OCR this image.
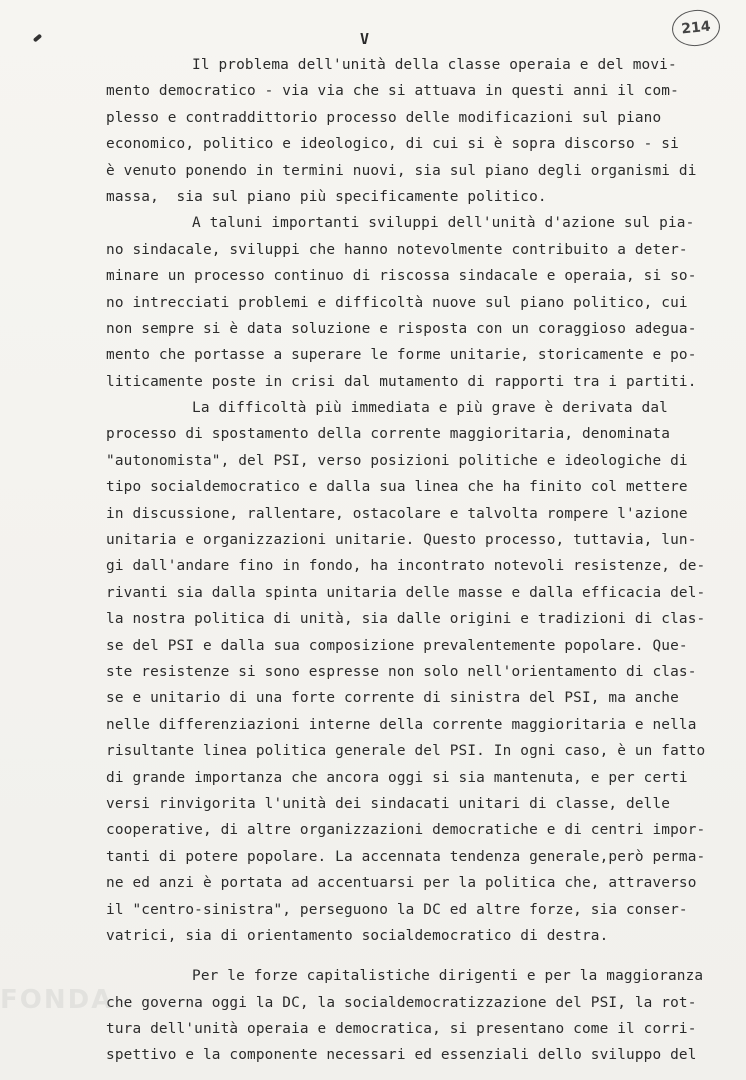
214
V
Il problema dell'unità della classe operaia e del movi-
mento democratico - via via che si attuava in questi anni il com-
plesso e contraddittorio processo delle modificazioni sul piano
economico, politico e ideologico, di cui si è sopra discorso - si
è venuto ponendo in termini nuovi, sia sul piano degli organismi di
massa,  sia sul piano più specificamente politico.
A taluni importanti sviluppi dell'unità d'azione sul pia-
no sindacale, sviluppi che hanno notevolmente contribuito a deter-
minare un processo continuo di riscossa sindacale e operaia, si so-
no intrecciati problemi e difficoltà nuove sul piano politico, cui
non sempre si è data soluzione e risposta con un coraggioso adegua-
mento che portasse a superare le forme unitarie, storicamente e po-
liticamente poste in crisi dal mutamento di rapporti tra i partiti.
La difficoltà più immediata e più grave è derivata dal
processo di spostamento della corrente maggioritaria, denominata
"autonomista", del PSI, verso posizioni politiche e ideologiche di
tipo socialdemocratico e dalla sua linea che ha finito col mettere
in discussione, rallentare, ostacolare e talvolta rompere l'azione
unitaria e organizzazioni unitarie. Questo processo, tuttavia, lun-
gi dall'andare fino in fondo, ha incontrato notevoli resistenze, de-
rivanti sia dalla spinta unitaria delle masse e dalla efficacia del-
la nostra politica di unità, sia dalle origini e tradizioni di clas-
se del PSI e dalla sua composizione prevalentemente popolare. Que-
ste resistenze si sono espresse non solo nell'orientamento di clas-
se e unitario di una forte corrente di sinistra del PSI, ma anche
nelle differenziazioni interne della corrente maggioritaria e nella
risultante linea politica generale del PSI. In ogni caso, è un fatto
di grande importanza che ancora oggi si sia mantenuta, e per certi
versi rinvigorita l'unità dei sindacati unitari di classe, delle
cooperative, di altre organizzazioni democratiche e di centri impor-
tanti di potere popolare. La accennata tendenza generale,però perma-
ne ed anzi è portata ad accentuarsi per la politica che, attraverso
il "centro-sinistra", perseguono la DC ed altre forze, sia conser-
vatrici, sia di orientamento socialdemocratico di destra.
Per le forze capitalistiche dirigenti e per la maggioranza
che governa oggi la DC, la socialdemocratizzazione del PSI, la rot-
tura dell'unità operaia e democratica, si presentano come il corri-
spettivo e la componente necessari ed essenziali dello sviluppo del
FONDA
